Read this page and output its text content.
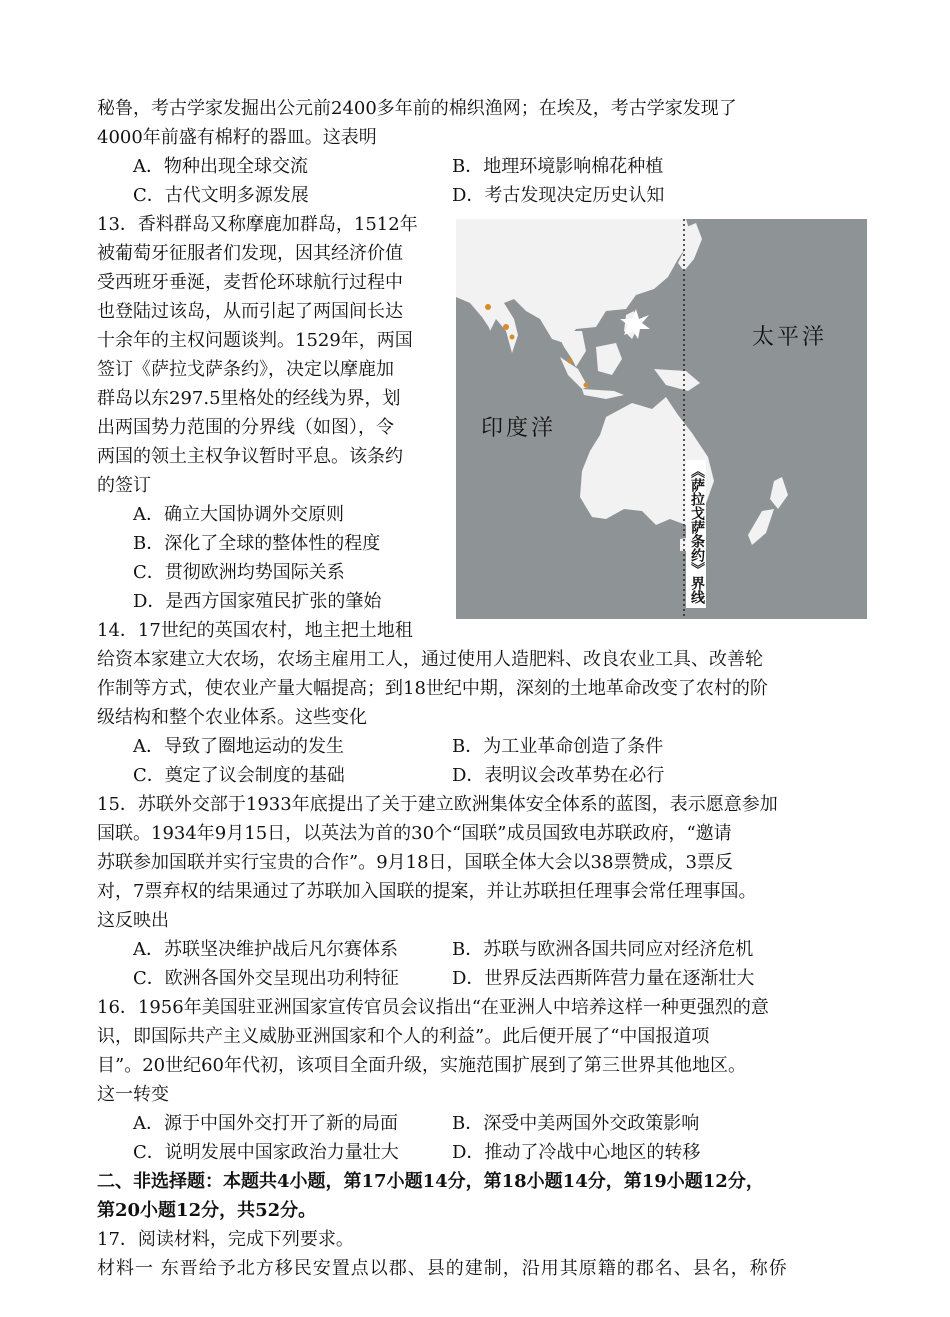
秘鲁，考古学家发掘出公元前2400多年前的棉织渔网；在埃及，考古学家发现了
4000年前盛有棉籽的器皿。这表明
A．物种出现全球交流	B．地理环境影响棉花种植
C．古代文明多源发展	D．考古发现决定历史认知
13．香料群岛又称摩鹿加群岛，1512年
被葡萄牙征服者们发现，因其经济价值
受西班牙垂涎，麦哲伦环球航行过程中
也登陆过该岛，从而引起了两国间长达
十余年的主权问题谈判。1529年，两国
签订《萨拉戈萨条约》，决定以摩鹿加
群岛以东297.5里格处的经线为界，划
出两国势力范围的分界线（如图），令
两国的领土主权争议暂时平息。该条约
的签订
A．确立大国协调外交原则
B．深化了全球的整体性的程度
C．贯彻欧洲均势国际关系
D．是西方国家殖民扩张的肇始
太平洋
印度洋
《萨拉戈萨条约》界线
14．17世纪的英国农村，地主把土地租
给资本家建立大农场，农场主雇用工人，通过使用人造肥料、改良农业工具、改善轮
作制等方式，使农业产量大幅提高；到18世纪中期，深刻的土地革命改变了农村的阶
级结构和整个农业体系。这些变化
A．导致了圈地运动的发生	B．为工业革命创造了条件
C．奠定了议会制度的基础	D．表明议会改革势在必行
15．苏联外交部于1933年底提出了关于建立欧洲集体安全体系的蓝图，表示愿意参加
国联。1934年9月15日，以英法为首的30个“国联”成员国致电苏联政府，“邀请
苏联参加国联并实行宝贵的合作”。9月18日，国联全体大会以38票赞成，3票反
对，7票弃权的结果通过了苏联加入国联的提案，并让苏联担任理事会常任理事国。
这反映出
A．苏联坚决维护战后凡尔赛体系	B．苏联与欧洲各国共同应对经济危机
C．欧洲各国外交呈现出功利特征	D．世界反法西斯阵营力量在逐渐壮大
16．1956年美国驻亚洲国家宣传官员会议指出“在亚洲人中培养这样一种更强烈的意
识，即国际共产主义威胁亚洲国家和个人的利益”。此后便开展了“中国报道项
目”。20世纪60年代初，该项目全面升级，实施范围扩展到了第三世界其他地区。
这一转变
A．源于中国外交打开了新的局面	B．深受中美两国外交政策影响
C．说明发展中国家政治力量壮大	D．推动了冷战中心地区的转移
二、非选择题：本题共4小题，第17小题14分，第18小题14分，第19小题12分，
第20小题12分，共52分。
17．阅读材料，完成下列要求。
材料一 东晋给予北方移民安置点以郡、县的建制，沿用其原籍的郡名、县名，称侨
